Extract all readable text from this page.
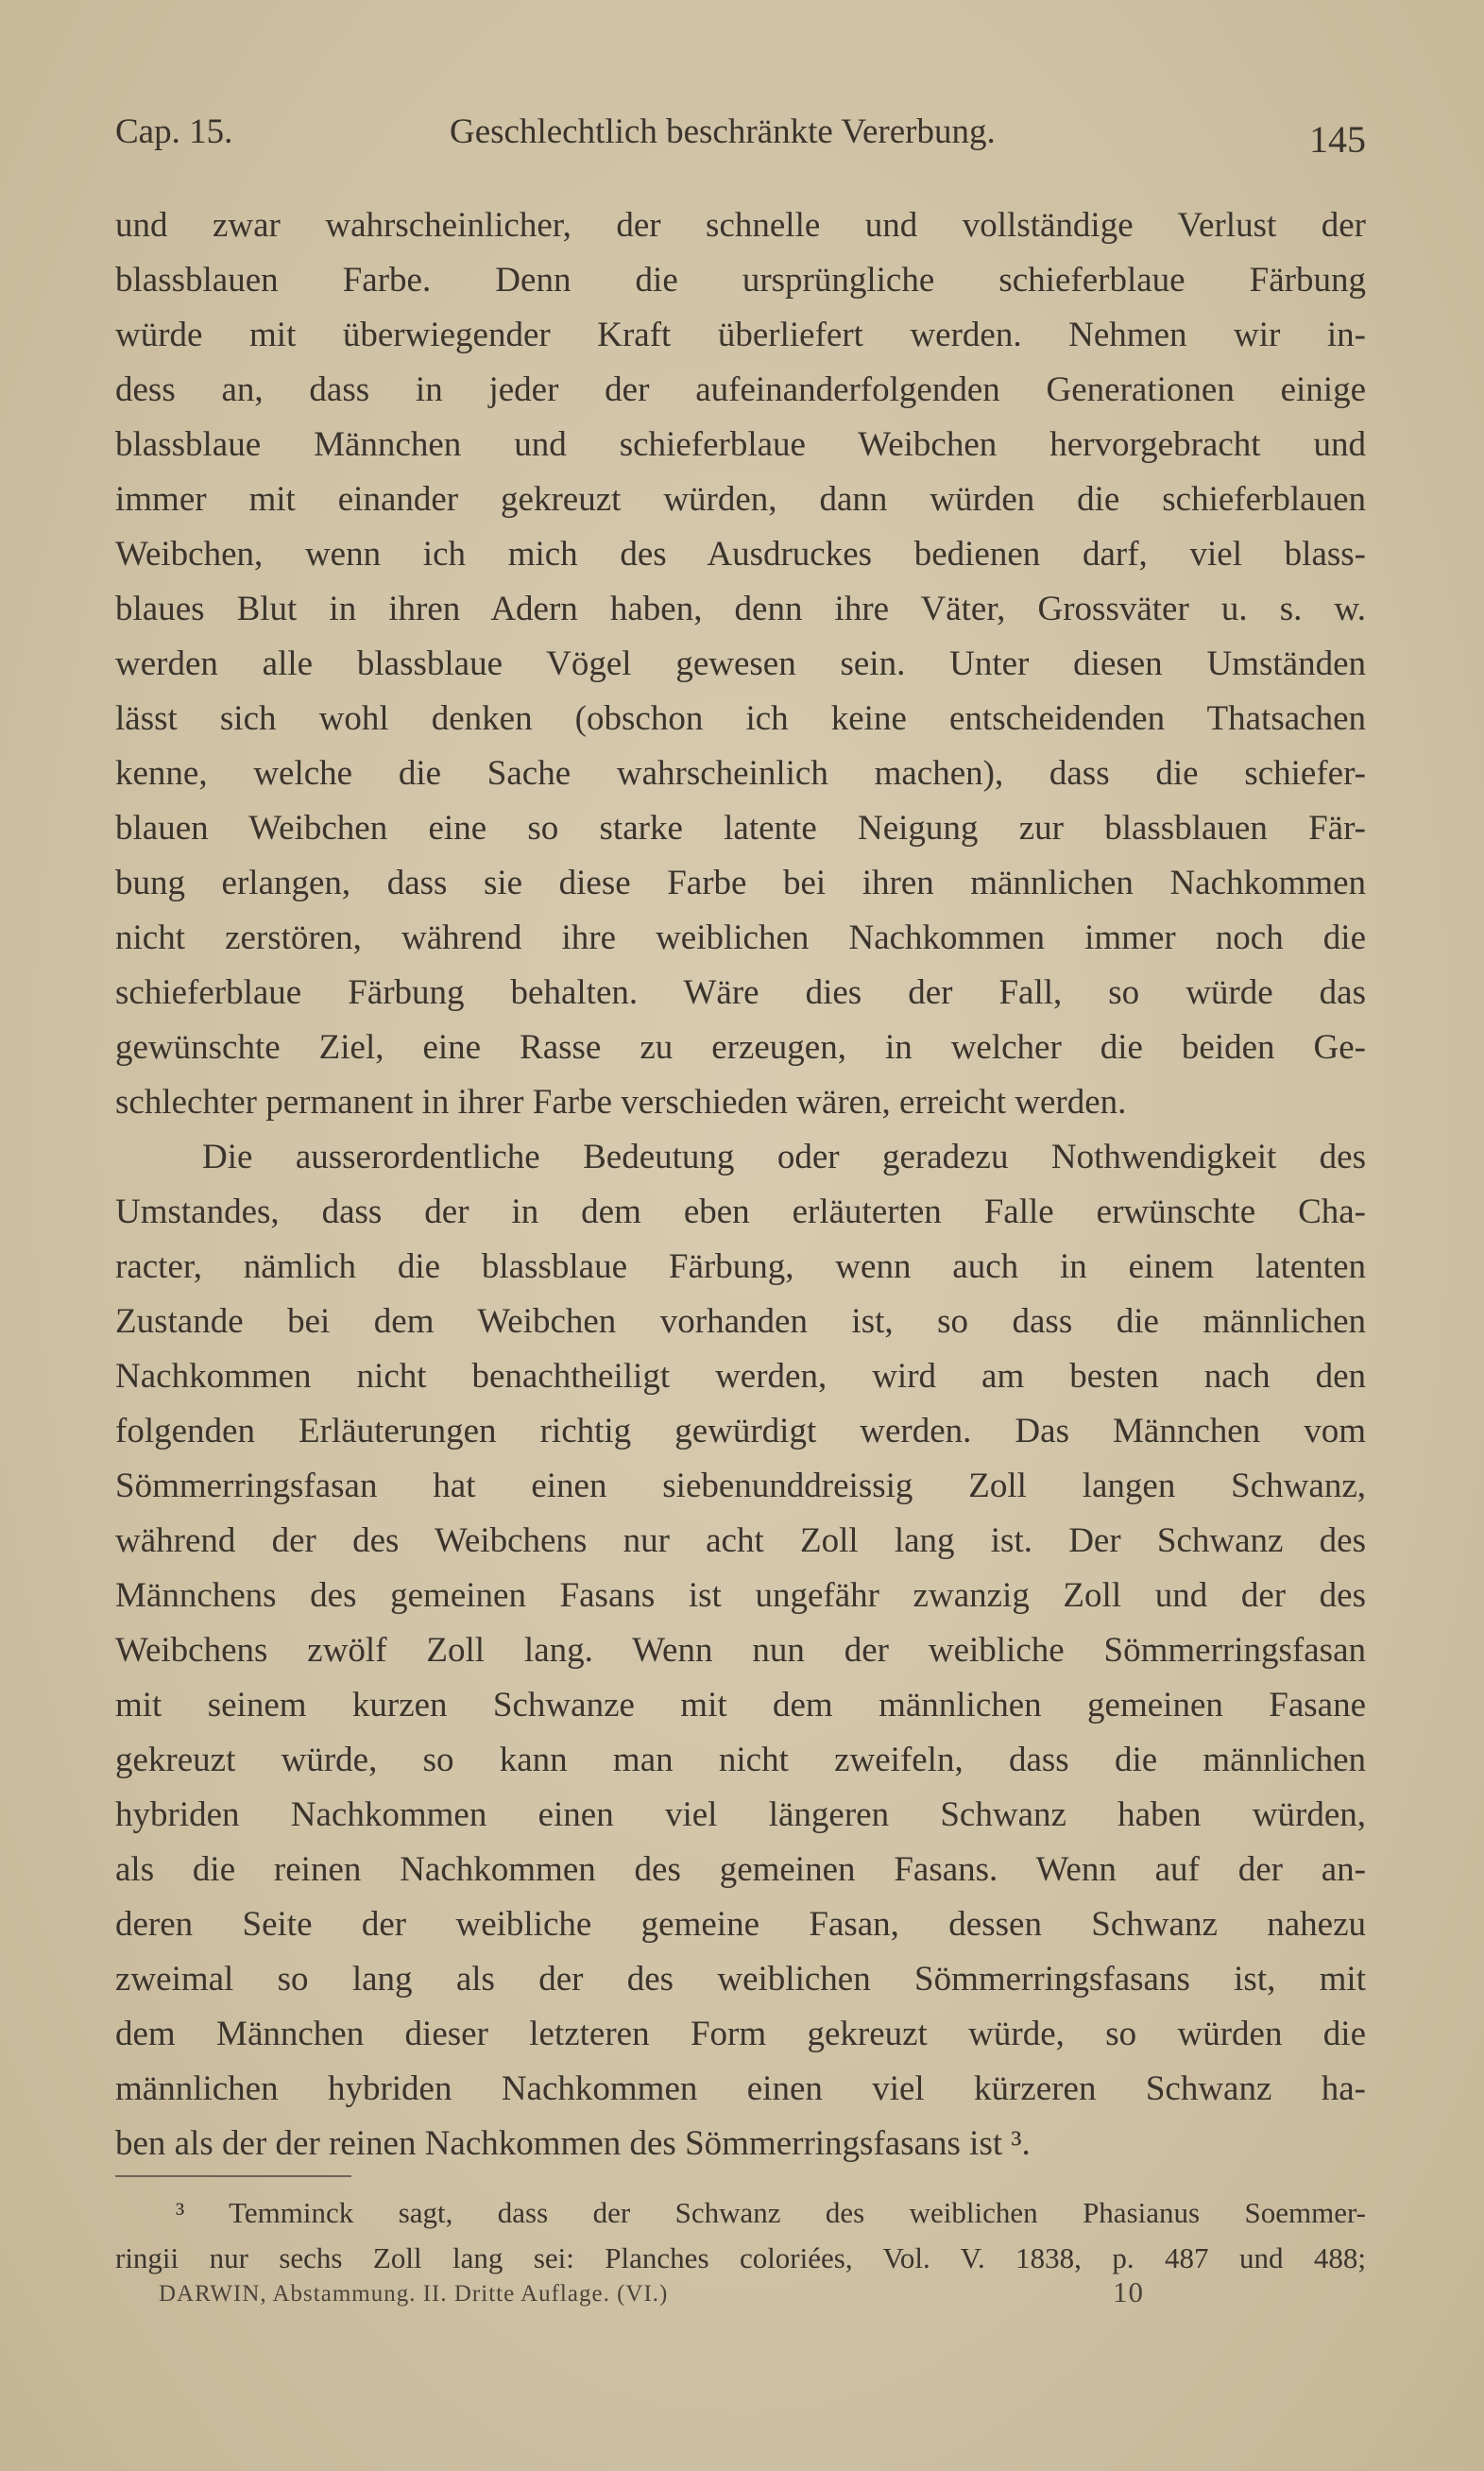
Cap. 15.	Geschlechtlich beschränkte Vererbung.	145
und zwar wahrscheinlicher, der schnelle und vollständige Verlust der
blassblauen Farbe. Denn die ursprüngliche schieferblaue Färbung
würde mit überwiegender Kraft überliefert werden. Nehmen wir in-
dess an, dass in jeder der aufeinanderfolgenden Generationen einige
blassblaue Männchen und schieferblaue Weibchen hervorgebracht und
immer mit einander gekreuzt würden, dann würden die schieferblauen
Weibchen, wenn ich mich des Ausdruckes bedienen darf, viel blass-
blaues Blut in ihren Adern haben, denn ihre Väter, Grossväter u. s. w.
werden alle blassblaue Vögel gewesen sein. Unter diesen Umständen
lässt sich wohl denken (obschon ich keine entscheidenden Thatsachen
kenne, welche die Sache wahrscheinlich machen), dass die schiefer-
blauen Weibchen eine so starke latente Neigung zur blassblauen Fär-
bung erlangen, dass sie diese Farbe bei ihren männlichen Nachkommen
nicht zerstören, während ihre weiblichen Nachkommen immer noch die
schieferblaue Färbung behalten. Wäre dies der Fall, so würde das
gewünschte Ziel, eine Rasse zu erzeugen, in welcher die beiden Ge-
schlechter permanent in ihrer Farbe verschieden wären, erreicht werden.
Die ausserordentliche Bedeutung oder geradezu Nothwendigkeit des
Umstandes, dass der in dem eben erläuterten Falle erwünschte Cha-
racter, nämlich die blassblaue Färbung, wenn auch in einem latenten
Zustande bei dem Weibchen vorhanden ist, so dass die männlichen
Nachkommen nicht benachtheiligt werden, wird am besten nach den
folgenden Erläuterungen richtig gewürdigt werden. Das Männchen vom
Sömmerringsfasan hat einen siebenunddreissig Zoll langen Schwanz,
während der des Weibchens nur acht Zoll lang ist. Der Schwanz des
Männchens des gemeinen Fasans ist ungefähr zwanzig Zoll und der des
Weibchens zwölf Zoll lang. Wenn nun der weibliche Sömmerringsfasan
mit seinem kurzen Schwanze mit dem männlichen gemeinen Fasane
gekreuzt würde, so kann man nicht zweifeln, dass die männlichen
hybriden Nachkommen einen viel längeren Schwanz haben würden,
als die reinen Nachkommen des gemeinen Fasans. Wenn auf der an-
deren Seite der weibliche gemeine Fasan, dessen Schwanz nahezu
zweimal so lang als der des weiblichen Sömmerringsfasans ist, mit
dem Männchen dieser letzteren Form gekreuzt würde, so würden die
männlichen hybriden Nachkommen einen viel kürzeren Schwanz ha-
ben als der der reinen Nachkommen des Sömmerringsfasans ist ³.
³ Temminck sagt, dass der Schwanz des weiblichen Phasianus Soemmer-
ringii nur sechs Zoll lang sei: Planches coloriées, Vol. V. 1838, p. 487 und 488;
DARWIN, Abstammung. II. Dritte Auflage. (VI.)	10
